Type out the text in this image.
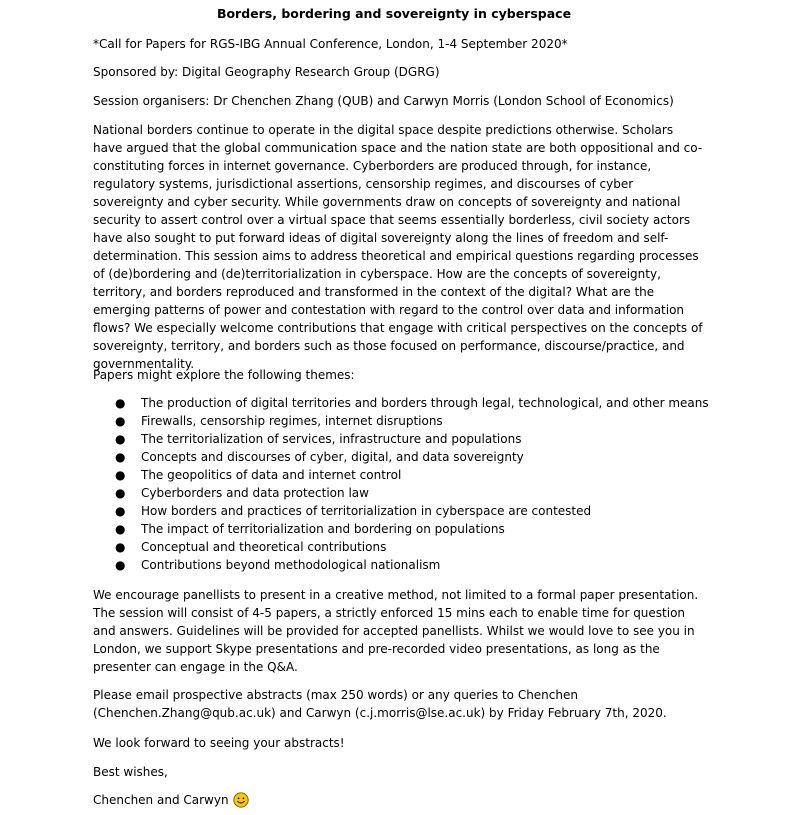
Borders, bordering and sovereignty in cyberspace

*Call for Papers for RGS-IBG Annual Conference, London, 1-4 September 2020*

Sponsored by: Digital Geography Research Group (DGRG)

Session organisers: Dr Chenchen Zhang (QUB) and Carwyn Morris (London School of Economics)

National borders continue to operate in the digital space despite predictions otherwise. Scholars have argued that the global communication space and the nation state are both oppositional and co-constituting forces in internet governance. Cyberborders are produced through, for instance, regulatory systems, jurisdictional assertions, censorship regimes, and discourses of cyber sovereignty and cyber security. While governments draw on concepts of sovereignty and national security to assert control over a virtual space that seems essentially borderless, civil society actors have also sought to put forward ideas of digital sovereignty along the lines of freedom and self-determination. This session aims to address theoretical and empirical questions regarding processes of (de)bordering and (de)territorialization in cyberspace. How are the concepts of sovereignty, territory, and borders reproduced and transformed in the context of the digital? What are the emerging patterns of power and contestation with regard to the control over data and information flows? We especially welcome contributions that engage with critical perspectives on the concepts of sovereignty, territory, and borders such as those focused on performance, discourse/practice, and governmentality.

Papers might explore the following themes:

● The production of digital territories and borders through legal, technological, and other means
● Firewalls, censorship regimes, internet disruptions
● The territorialization of services, infrastructure and populations
● Concepts and discourses of cyber, digital, and data sovereignty
● The geopolitics of data and internet control
● Cyberborders and data protection law
● How borders and practices of territorialization in cyberspace are contested
● The impact of territorialization and bordering on populations
● Conceptual and theoretical contributions
● Contributions beyond methodological nationalism

We encourage panellists to present in a creative method, not limited to a formal paper presentation. The session will consist of 4-5 papers, a strictly enforced 15 mins each to enable time for question and answers. Guidelines will be provided for accepted panellists. Whilst we would love to see you in London, we support Skype presentations and pre-recorded video presentations, as long as the presenter can engage in the Q&A.

Please email prospective abstracts (max 250 words) or any queries to Chenchen (Chenchen.Zhang@qub.ac.uk) and Carwyn (c.j.morris@lse.ac.uk) by Friday February 7th, 2020.

We look forward to seeing your abstracts!

Best wishes,

Chenchen and Carwyn
